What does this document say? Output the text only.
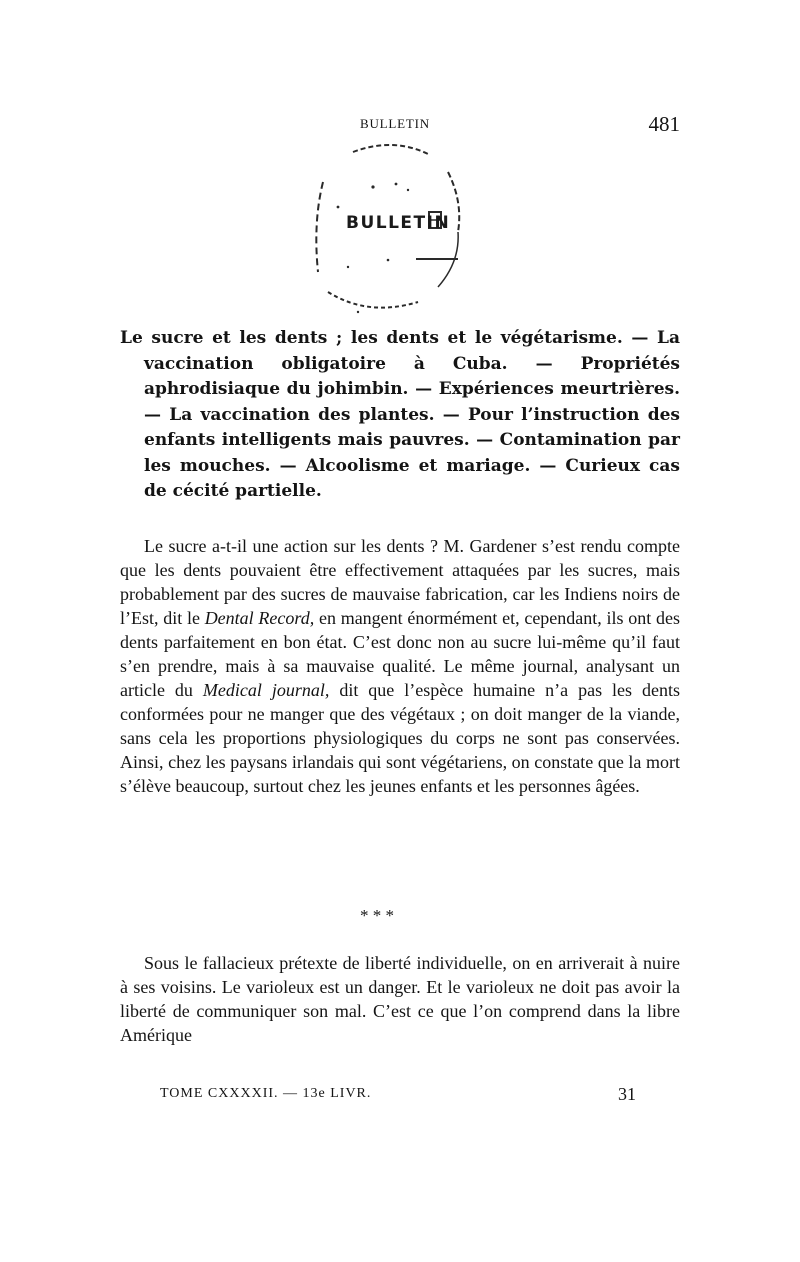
BULLETIN	481
BULLETIN
Le sucre et les dents ; les dents et le végétarisme. — La vaccination obligatoire à Cuba. — Propriétés aphrodisiaque du johimbin. — Expériences meurtrières. — La vaccination des plantes. — Pour l’instruction des enfants intelligents mais pauvres. — Contamination par les mouches. — Alcoolisme et mariage. — Curieux cas de cécité partielle.
Le sucre a-t-il une action sur les dents ? M. Gardener s’est rendu compte que les dents pouvaient être effectivement attaquées par les sucres, mais probablement par des sucres de mauvaise fabrication, car les Indiens noirs de l’Est, dit le Dental Record, en mangent énormément et, cependant, ils ont des dents parfaitement en bon état. C’est donc non au sucre lui-même qu’il faut s’en prendre, mais à sa mauvaise qualité. Le même journal, analysant un article du Medical journal, dit que l’espèce humaine n’a pas les dents conformées pour ne manger que des végétaux ; on doit manger de la viande, sans cela les proportions physiologiques du corps ne sont pas conservées. Ainsi, chez les paysans irlandais qui sont végétariens, on constate que la mort s’élève beaucoup, surtout chez les jeunes enfants et les personnes âgées.
* * *
Sous le fallacieux prétexte de liberté individuelle, on en arriverait à nuire à ses voisins. Le varioleux est un danger. Et le varioleux ne doit pas avoir la liberté de communiquer son mal. C’est ce que l’on comprend dans la libre Amérique
TOME CXXXXII. — 13e LIVR.	31
